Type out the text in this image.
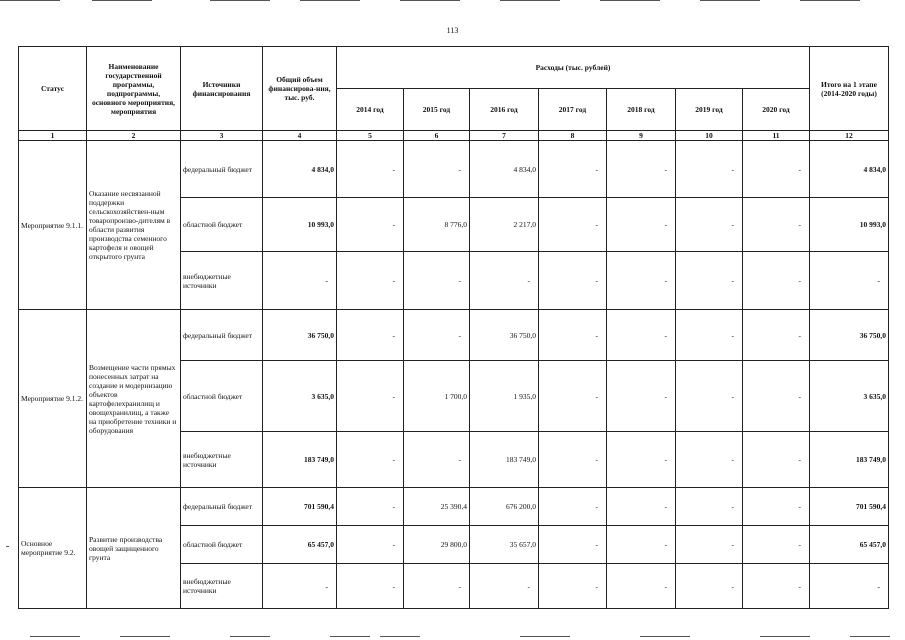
113
Статус	Наименование государственной программы, подпрограммы, основного мероприятия, мероприятия	Источники финансирования	Общий объем финансирова-ния, тыс. руб.	Расходы (тыс. рублей)							Итого на 1 этапе (2014-2020 годы)
				2014 год	2015 год	2016 год	2017 год	2018 год	2019 год	2020 год	
1	2	3	4	5	6	7	8	9	10	11	12
Мероприятие 9.1.1.	Оказание несвязанной поддержки сельскохозяйствен-ным товаропроизво-дителям в области развития производства семенного картофеля и овощей открытого грунта	федеральный бюджет	4 834,0	-	-	4 834,0	-	-	-	-	4 834,0
		областной бюджет	10 993,0	-	8 776,0	2 217,0	-	-	-	-	10 993,0
		внебюджетные источники	-	-	-	-	-	-	-	-	-
Мероприятие 9.1.2.	Возмещение части прямых понесенных затрат на создание и модернизацию объектов картофелехранилищ и овощехранилищ, а также на приобретение техники и оборудования	федеральный бюджет	36 750,0	-	-	36 750,0	-	-	-	-	36 750,0
		областной бюджет	3 635,0	-	1 700,0	1 935,0	-	-	-	-	3 635,0
		внебюджетные источники	183 749,0	-	-	183 749,0	-	-	-	-	183 749,0
Основное мероприятие 9.2.	Развитие производства овощей защищенного грунта	федеральный бюджет	701 590,4	-	25 390,4	676 200,0	-	-	-	-	701 590,4
		областной бюджет	65 457,0	-	29 800,0	35 657,0	-	-	-	-	65 457,0
		внебюджетные источники	-	-	-	-	-	-	-	-	-
